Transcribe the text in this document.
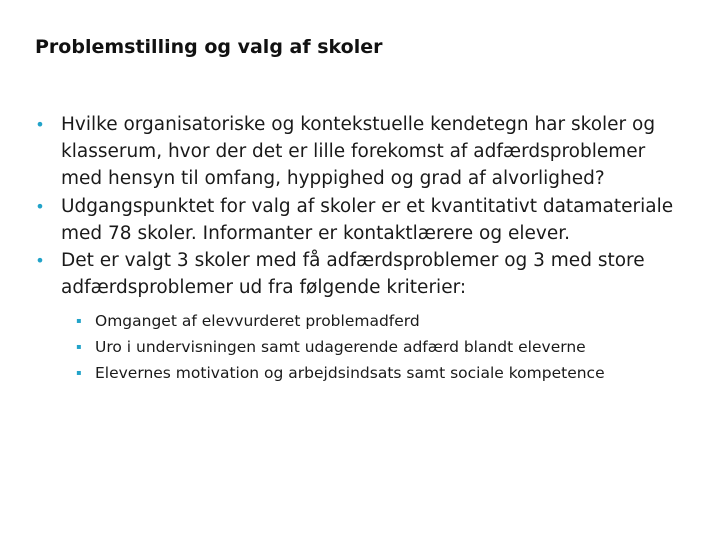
Problemstilling og valg af skoler
• Hvilke organisatoriske og kontekstuelle kendetegn har skoler og klasserum, hvor der det er lille forekomst af adfærdsproblemer med hensyn til omfang, hyppighed og grad af alvorlighed?
• Udgangspunktet for valg af skoler er et kvantitativt datamateriale med 78 skoler. Informanter er kontaktlærere og elever.
• Det er valgt 3 skoler med få adfærdsproblemer og 3 med store adfærdsproblemer ud fra følgende kriterier:
▪ Omganget af elevvurderet problemadferd
▪ Uro i undervisningen samt udagerende adfærd blandt eleverne
▪ Elevernes motivation og arbejdsindsats samt sociale kompetence
